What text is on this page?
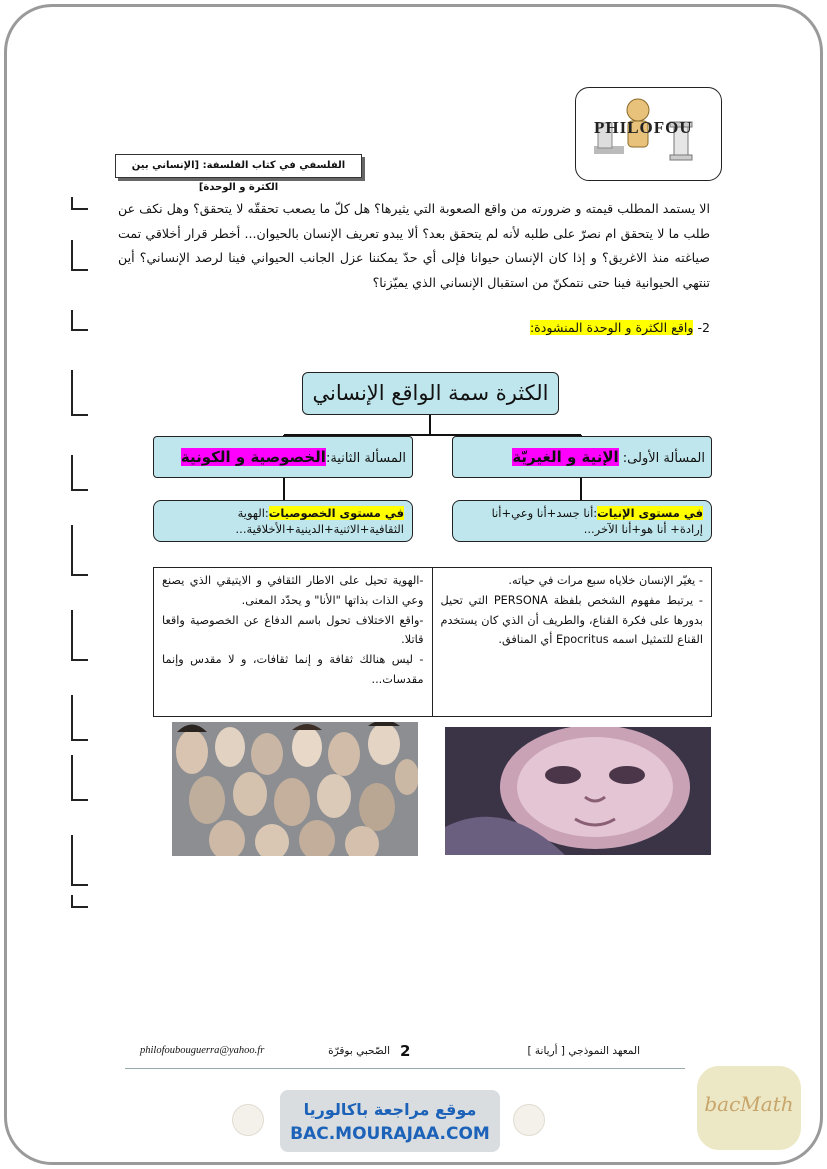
PHILOFOU
الفلسفي في كتاب الفلسفة: [الإنساني بين الكثرة و الوحدة]
الا يستمد المطلب قيمته و ضرورته من واقع الصعوبة التي يثيرها؟ هل كلّ ما يصعب تحققّه لا يتحقق؟ وهل نكف عن طلب ما لا يتحقق ام نصرّ على طلبه لأنه لم يتحقق بعد؟ ألا يبدو تعريف الإنسان بالحيوان... أخطر قرار أخلاقي تمت صياغته منذ الاغريق؟ و إذا كان الإنسان حيوانا فإلى أي حدّ يمكننا عزل الجانب الحيواني فينا لرصد الإنساني؟ أين تنتهي الحيوانية فينا حتى نتمكنّ من استقبال الإنساني الذي يميّزنا؟
2- واقع الكثرة و الوحدة المنشودة:
الكثرة سمة الواقع الإنساني
المسألة الثانية:الخصوصية و الكونية	المسألة الأولى: الإنية و الغيريّة
في مستوى الخصوصيات:الهوية الثقافية+الاثنية+الدينية+الأخلاقية...
في مستوى الإنيات:أنا جسد+أنا وعي+أنا إرادة+ أنا هو+أنا الآخر...
- يغيّر الإنسان خلاياه سبع مرات في حياته.
- يرتبط مفهوم الشخص بلفظة PERSONA التي تحيل بدورها على فكرة القناع، والطريف أن الذي كان يستخدم القناع للتمثيل اسمه Epocritus أي المنافق.
-الهوية تحيل على الاطار الثقافي و الايتيقي الذي يصنع وعي الذات بذاتها "الأنا" و يحدّد المعنى.
-واقع الاختلاف تحول باسم الدفاع عن الخصوصية واقعا قاتلا.
- ليس هنالك ثقافة و إنما ثقافات، و لا مقدس وإنما مقدسات...
philofoubouguerra@yahoo.fr	الصّحبي بوقرّة 2	المعهد النموذجي [ أريانة ]
موقع مراجعة باكالوريا
BAC.MOURAJAA.COM
bacMath
